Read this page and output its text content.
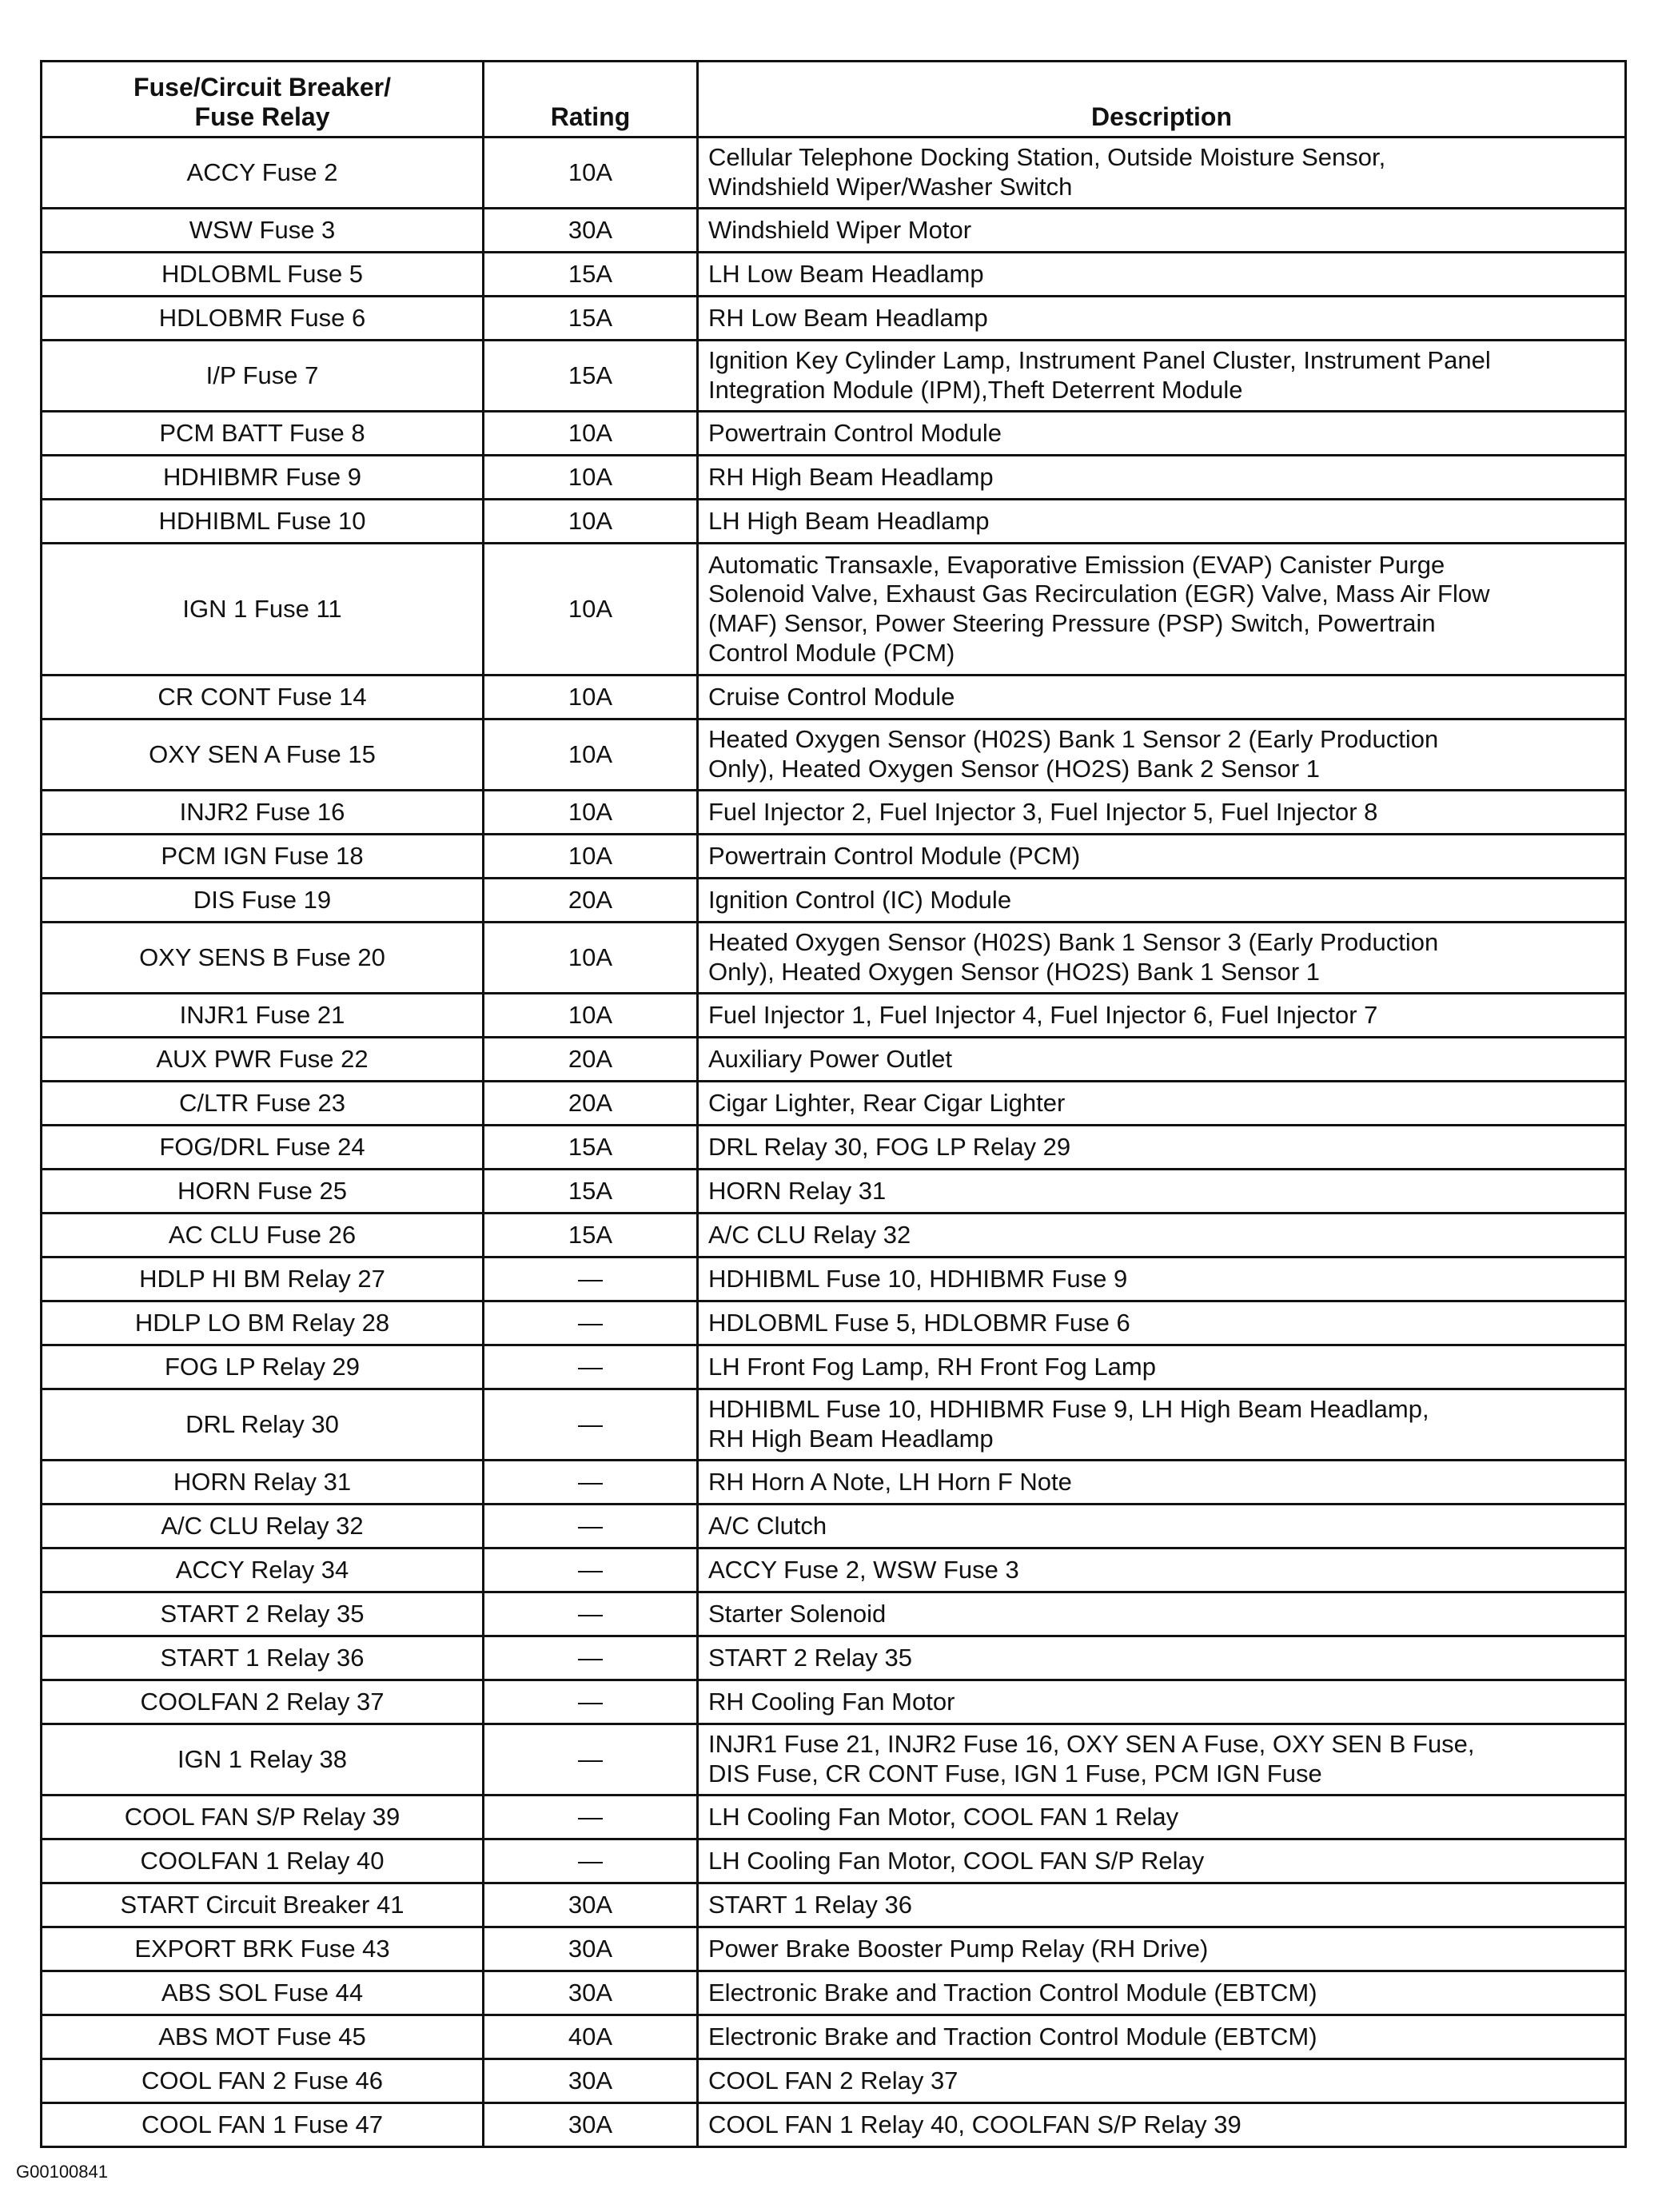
Fuse/Circuit Breaker/
Fuse Relay	Rating	Description
ACCY Fuse 2	10A	Cellular Telephone Docking Station, Outside Moisture Sensor,
Windshield Wiper/Washer Switch
WSW Fuse 3	30A	Windshield Wiper Motor
HDLOBML Fuse 5	15A	LH Low Beam Headlamp
HDLOBMR Fuse 6	15A	RH Low Beam Headlamp
I/P Fuse 7	15A	Ignition Key Cylinder Lamp, Instrument Panel Cluster, Instrument Panel
Integration Module (IPM),Theft Deterrent Module
PCM BATT Fuse 8	10A	Powertrain Control Module
HDHIBMR Fuse 9	10A	RH High Beam Headlamp
HDHIBML Fuse 10	10A	LH High Beam Headlamp
IGN 1 Fuse 11	10A	Automatic Transaxle, Evaporative Emission (EVAP) Canister Purge
Solenoid Valve, Exhaust Gas Recirculation (EGR) Valve, Mass Air Flow
(MAF) Sensor, Power Steering Pressure (PSP) Switch, Powertrain
Control Module (PCM)
CR CONT Fuse 14	10A	Cruise Control Module
OXY SEN A Fuse 15	10A	Heated Oxygen Sensor (H02S) Bank 1 Sensor 2 (Early Production
Only), Heated Oxygen Sensor (HO2S) Bank 2 Sensor 1
INJR2 Fuse 16	10A	Fuel Injector 2, Fuel Injector 3, Fuel Injector 5, Fuel Injector 8
PCM IGN Fuse 18	10A	Powertrain Control Module (PCM)
DIS Fuse 19	20A	Ignition Control (IC) Module
OXY SENS B Fuse 20	10A	Heated Oxygen Sensor (H02S) Bank 1 Sensor 3 (Early Production
Only), Heated Oxygen Sensor (HO2S) Bank 1 Sensor 1
INJR1 Fuse 21	10A	Fuel Injector 1, Fuel Injector 4, Fuel Injector 6, Fuel Injector 7
AUX PWR Fuse 22	20A	Auxiliary Power Outlet
C/LTR Fuse 23	20A	Cigar Lighter, Rear Cigar Lighter
FOG/DRL Fuse 24	15A	DRL Relay 30, FOG LP Relay 29
HORN Fuse 25	15A	HORN Relay 31
AC CLU Fuse 26	15A	A/C CLU Relay 32
HDLP HI BM Relay 27	—	HDHIBML Fuse 10, HDHIBMR Fuse 9
HDLP LO BM Relay 28	—	HDLOBML Fuse 5, HDLOBMR Fuse 6
FOG LP Relay 29	—	LH Front Fog Lamp, RH Front Fog Lamp
DRL Relay 30	—	HDHIBML Fuse 10, HDHIBMR Fuse 9, LH High Beam Headlamp,
RH High Beam Headlamp
HORN Relay 31	—	RH Horn A Note, LH Horn F Note
A/C CLU Relay 32	—	A/C Clutch
ACCY Relay 34	—	ACCY Fuse 2, WSW Fuse 3
START 2 Relay 35	—	Starter Solenoid
START 1 Relay 36	—	START 2 Relay 35
COOLFAN 2 Relay 37	—	RH Cooling Fan Motor
IGN 1 Relay 38	—	INJR1 Fuse 21, INJR2 Fuse 16, OXY SEN A Fuse, OXY SEN B Fuse,
DIS Fuse, CR CONT Fuse, IGN 1 Fuse, PCM IGN Fuse
COOL FAN S/P Relay 39	—	LH Cooling Fan Motor, COOL FAN 1 Relay
COOLFAN 1 Relay 40	—	LH Cooling Fan Motor, COOL FAN S/P Relay
START Circuit Breaker 41	30A	START 1 Relay 36
EXPORT BRK Fuse 43	30A	Power Brake Booster Pump Relay (RH Drive)
ABS SOL Fuse 44	30A	Electronic Brake and Traction Control Module (EBTCM)
ABS MOT Fuse 45	40A	Electronic Brake and Traction Control Module (EBTCM)
COOL FAN 2 Fuse 46	30A	COOL FAN 2 Relay 37
COOL FAN 1 Fuse 47	30A	COOL FAN 1 Relay 40, COOLFAN S/P Relay 39
G00100841
